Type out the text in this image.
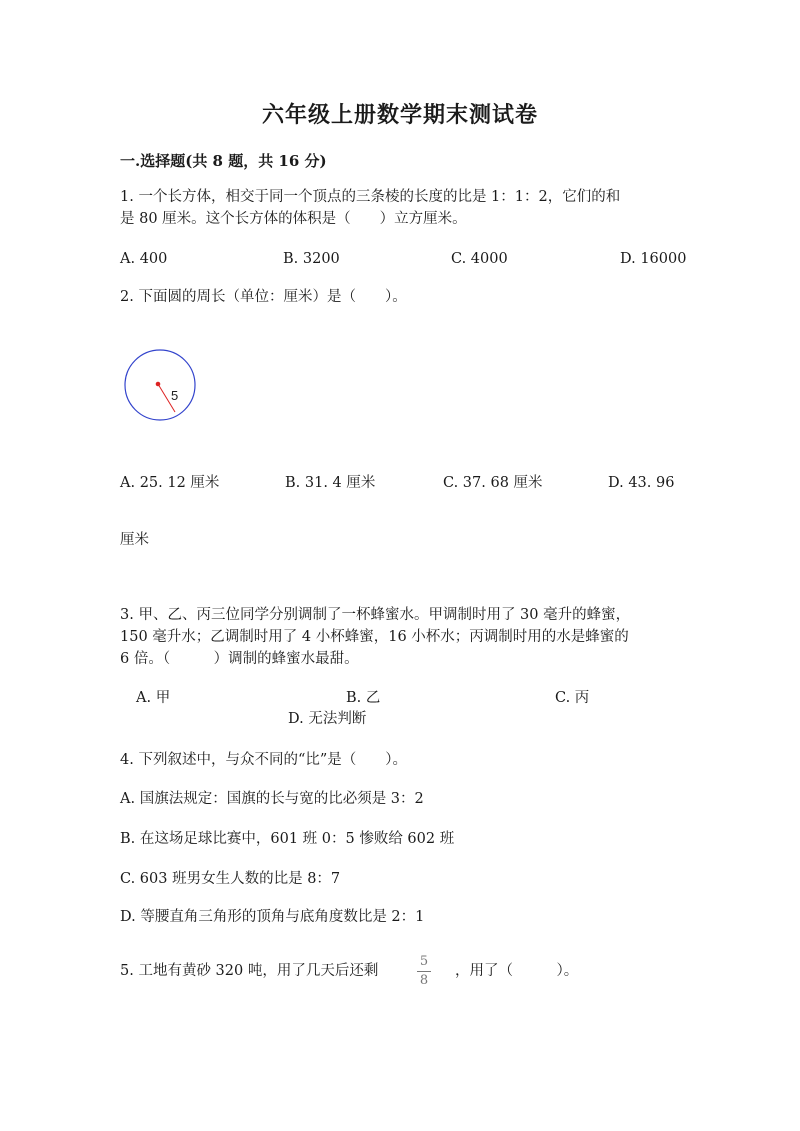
六年级上册数学期末测试卷
一.选择题(共 8 题，共 16 分)
1. 一个长方体，相交于同一个顶点的三条棱的长度的比是 1：1：2，它们的和
是 80 厘米。这个长方体的体积是（　　）立方厘米。
A. 400	B. 3200	C. 4000	D. 16000
2. 下面圆的周长（单位：厘米）是（　　）。
5
A. 25. 12 厘米	B. 31. 4 厘米	C. 37. 68 厘米	D. 43. 96
厘米
3. 甲、乙、丙三位同学分别调制了一杯蜂蜜水。甲调制时用了 30 毫升的蜂蜜，
150 毫升水；乙调制时用了 4 小杯蜂蜜，16 小杯水；丙调制时用的水是蜂蜜的
6 倍。（　　　）调制的蜂蜜水最甜。
A. 甲	B. 乙	C. 丙
D. 无法判断
4. 下列叙述中，与众不同的“比”是（　　）。
A. 国旗法规定：国旗的长与宽的比必须是 3：2
B. 在这场足球比赛中，601 班 0：5 惨败给 602 班
C. 603 班男女生人数的比是 8：7
D. 等腰直角三角形的顶角与底角度数比是 2：1
5. 工地有黄砂 320 吨，用了几天后还剩
5
8
，用了（　　　）。
